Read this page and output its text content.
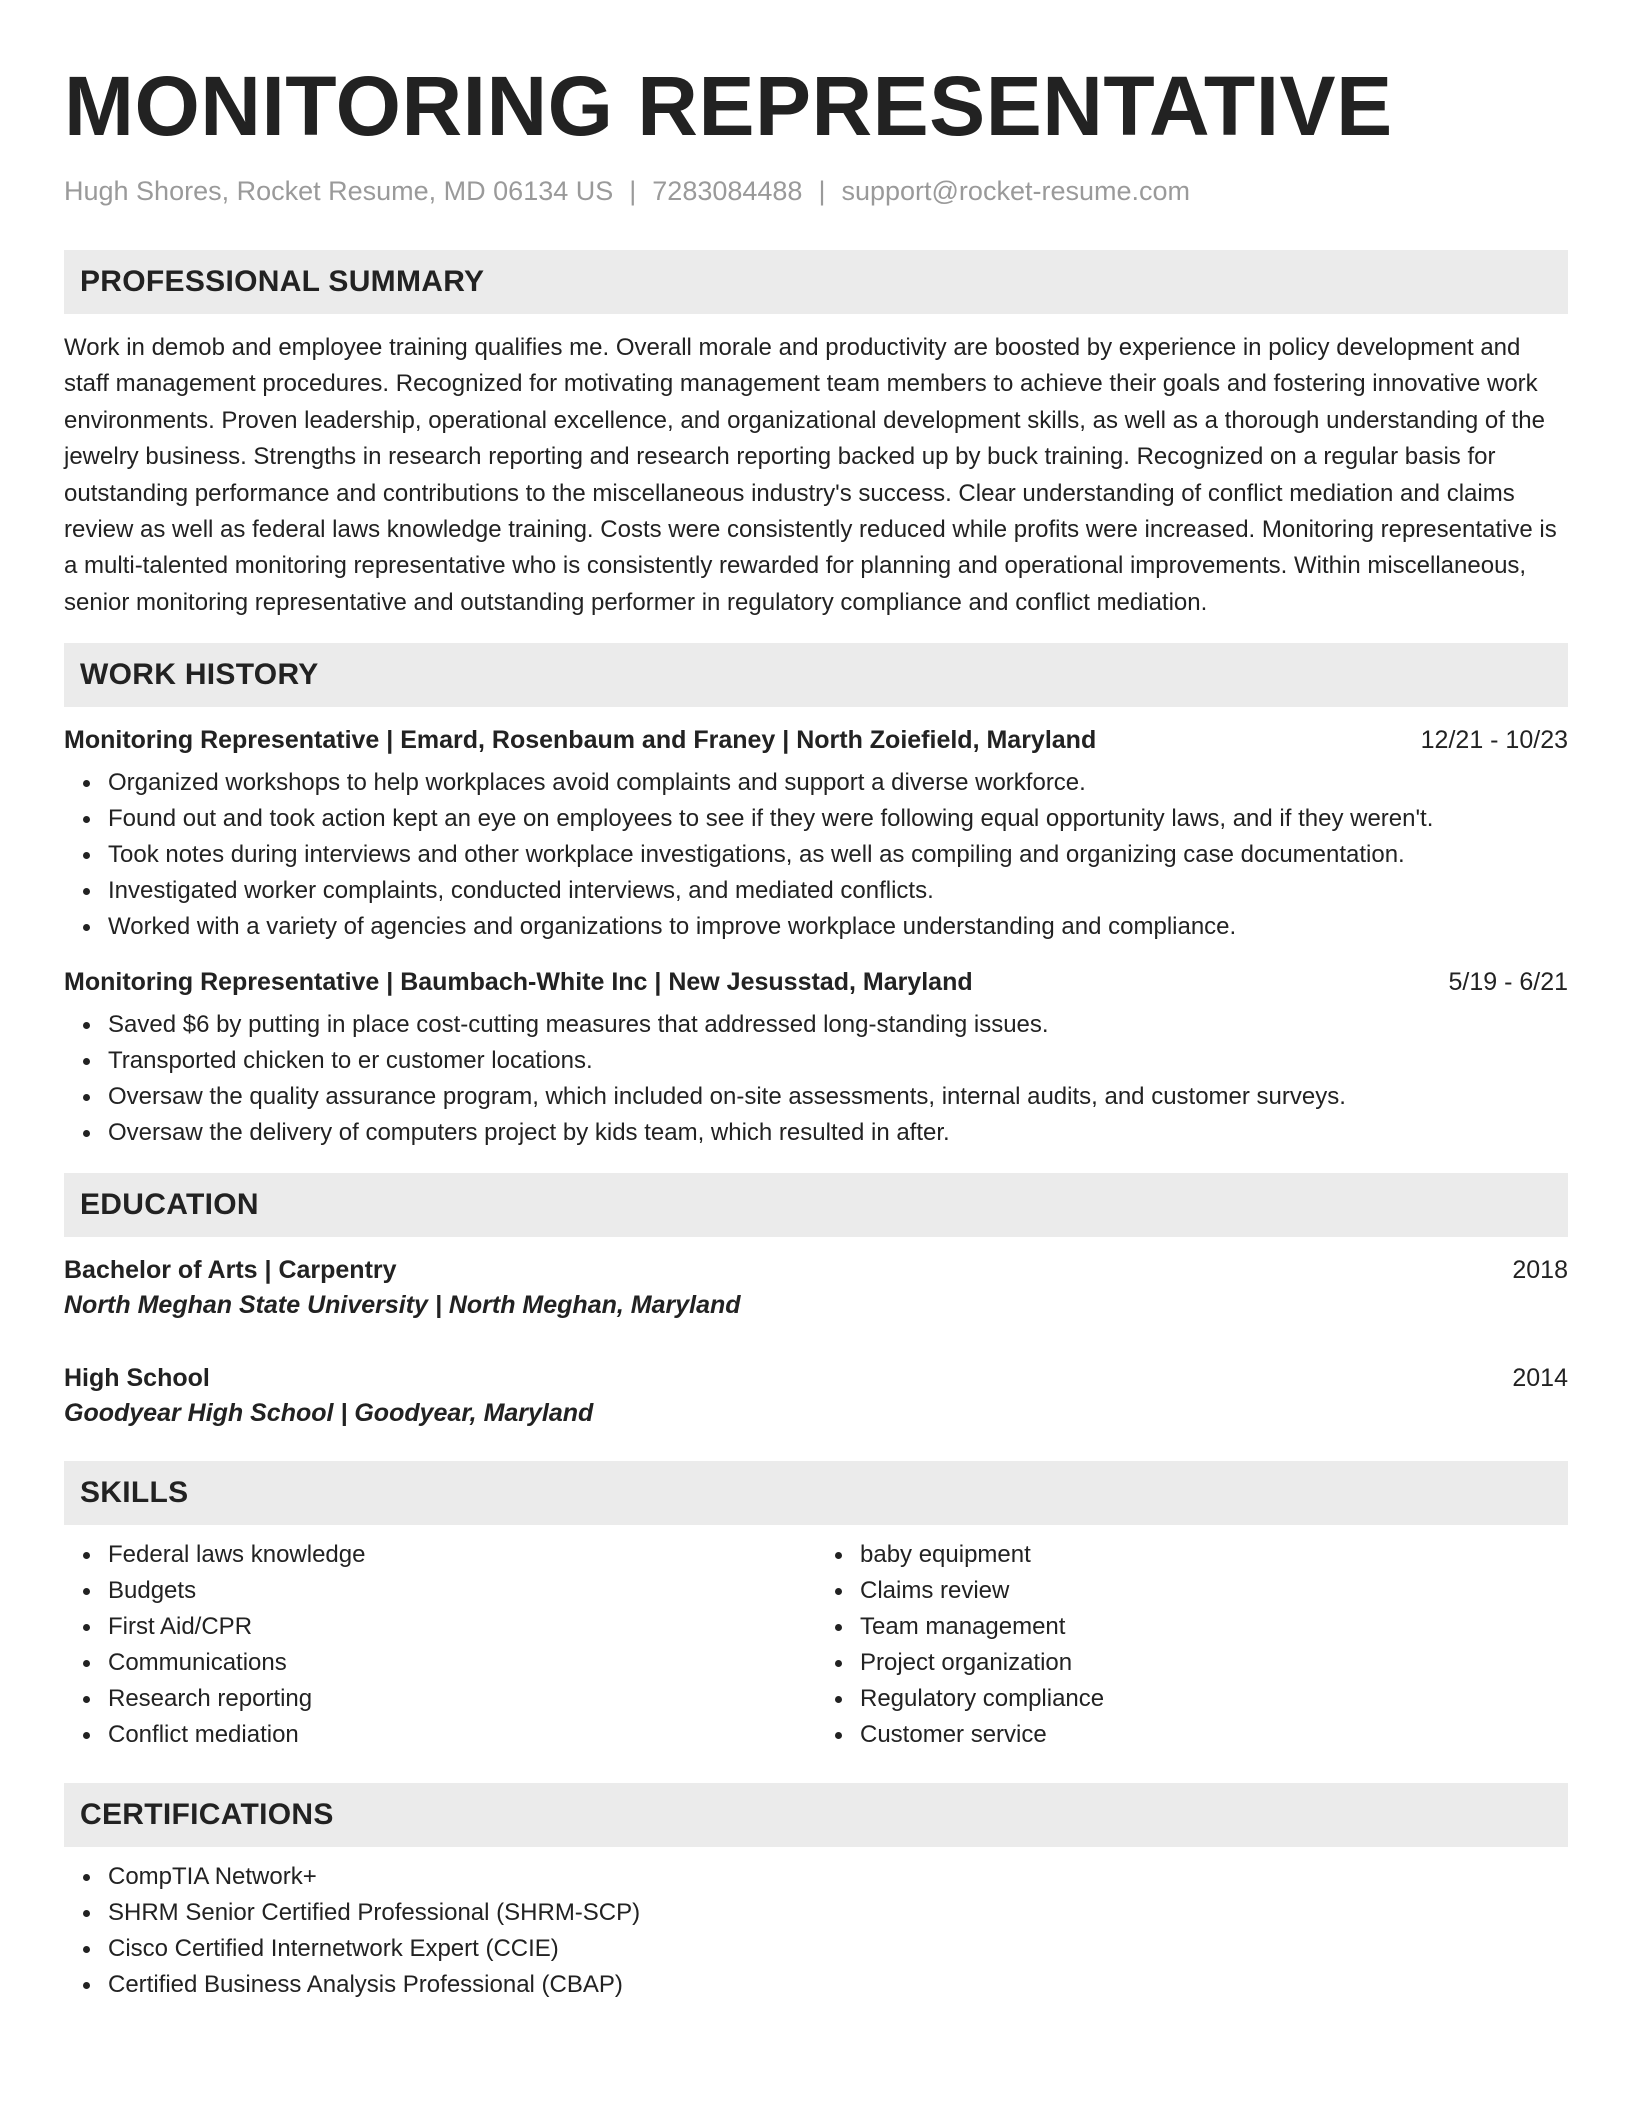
MONITORING REPRESENTATIVE
Hugh Shores, Rocket Resume, MD 06134 US | 7283084488 | support@rocket-resume.com
PROFESSIONAL SUMMARY

Work in demob and employee training qualifies me. Overall morale and productivity are boosted by experience in policy development and staff management procedures. Recognized for motivating management team members to achieve their goals and fostering innovative work environments. Proven leadership, operational excellence, and organizational development skills, as well as a thorough understanding of the jewelry business. Strengths in research reporting and research reporting backed up by buck training. Recognized on a regular basis for outstanding performance and contributions to the miscellaneous industry's success. Clear understanding of conflict mediation and claims review as well as federal laws knowledge training. Costs were consistently reduced while profits were increased. Monitoring representative is a multi-talented monitoring representative who is consistently rewarded for planning and operational improvements. Within miscellaneous, senior monitoring representative and outstanding performer in regulatory compliance and conflict mediation.

WORK HISTORY
Monitoring Representative | Emard, Rosenbaum and Franey | North Zoiefield, Maryland	12/21 - 10/23
Organized workshops to help workplaces avoid complaints and support a diverse workforce.
Found out and took action kept an eye on employees to see if they were following equal opportunity laws, and if they weren't.
Took notes during interviews and other workplace investigations, as well as compiling and organizing case documentation.
Investigated worker complaints, conducted interviews, and mediated conflicts.
Worked with a variety of agencies and organizations to improve workplace understanding and compliance.
Monitoring Representative | Baumbach-White Inc | New Jesusstad, Maryland	5/19 - 6/21
Saved $6 by putting in place cost-cutting measures that addressed long-standing issues.
Transported chicken to er customer locations.
Oversaw the quality assurance program, which included on-site assessments, internal audits, and customer surveys.
Oversaw the delivery of computers project by kids team, which resulted in after.
EDUCATION
Bachelor of Arts | Carpentry	2018
North Meghan State University | North Meghan, Maryland
High School	2014
Goodyear High School | Goodyear, Maryland
SKILLS
Federal laws knowledge
Budgets
First Aid/CPR
Communications
Research reporting
Conflict mediation
baby equipment
Claims review
Team management
Project organization
Regulatory compliance
Customer service
CERTIFICATIONS
CompTIA Network+
SHRM Senior Certified Professional (SHRM-SCP)
Cisco Certified Internetwork Expert (CCIE)
Certified Business Analysis Professional (CBAP)
